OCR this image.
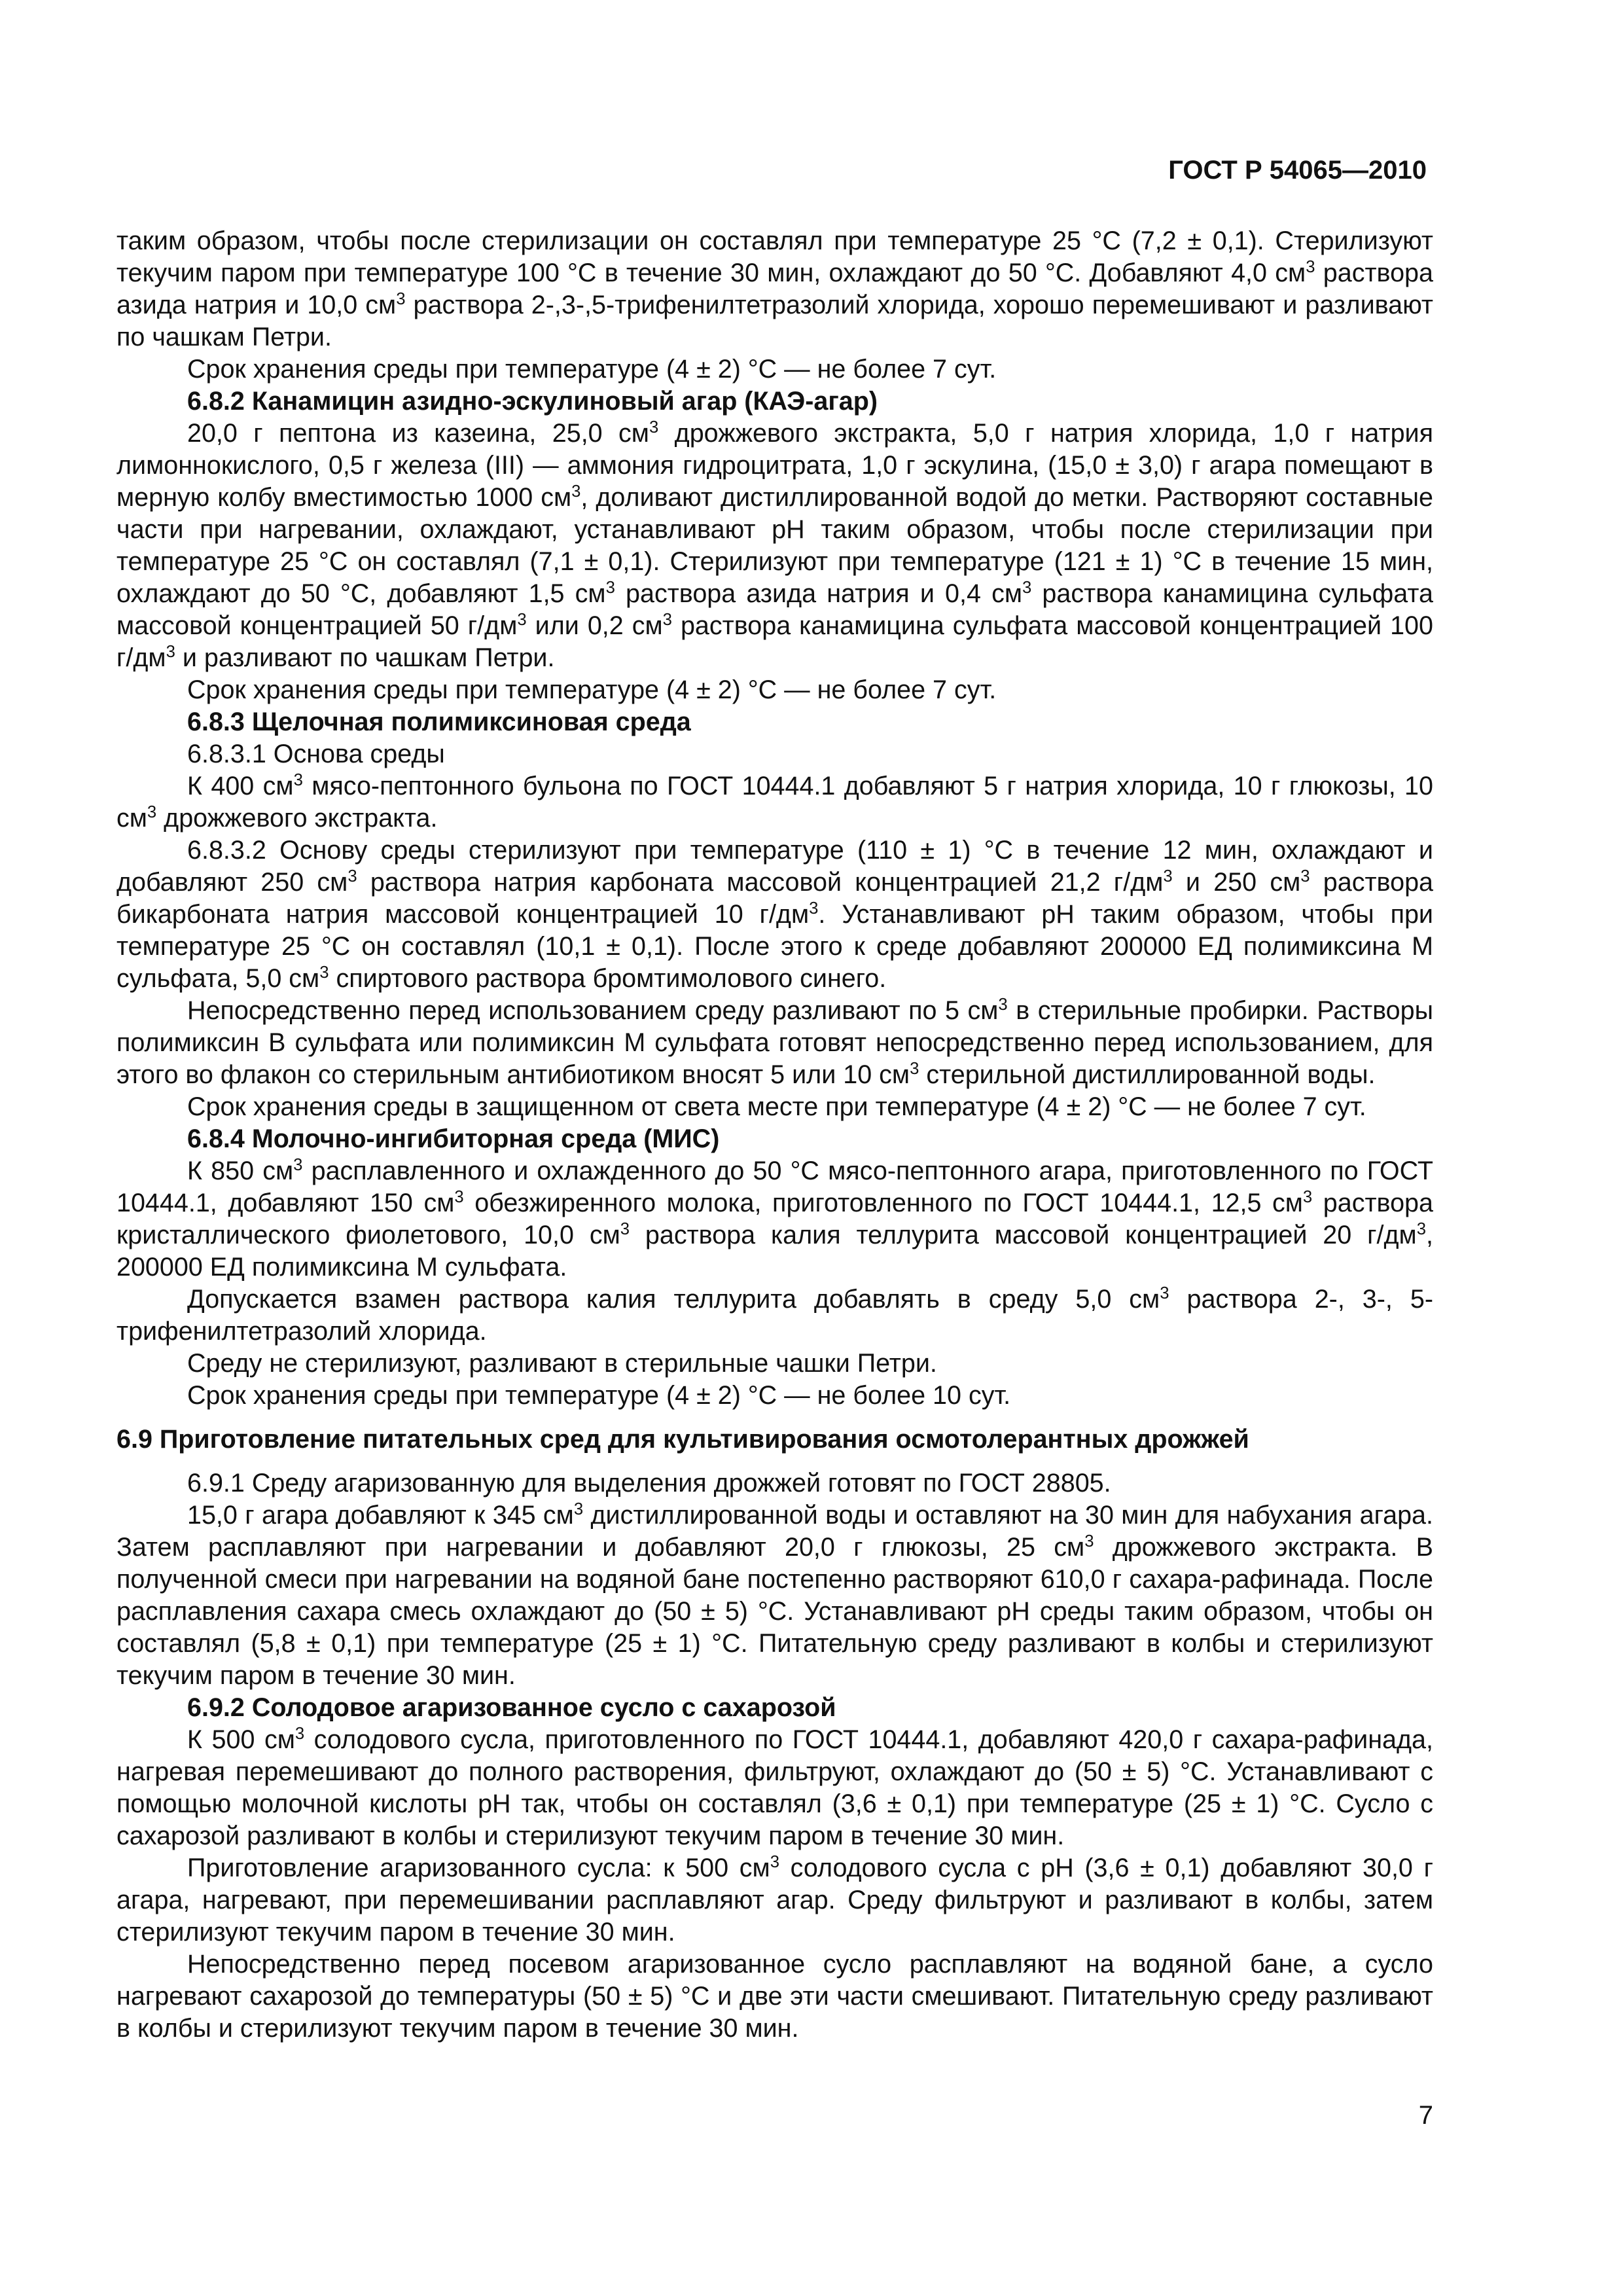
ГОСТ Р 54065—2010

таким образом, чтобы после стерилизации он составлял при температуре 25 °C (7,2 ± 0,1). Стерилизуют текучим паром при температуре 100 °C в течение 30 мин, охлаждают до 50 °C. Добавляют 4,0 $см^3$ раствора азида натрия и 10,0 $см^3$ раствора 2-,3-,5-трифенилтетразолий хлорида, хорошо перемешивают и разливают по чашкам Петри.

Срок хранения среды при температуре (4 ± 2) °C — не более 7 сут.

6.8.2 Канамицин азидно-эскулиновый агар (КАЭ-агар)

20,0 г пептона из казеина, 25,0 $см^3$ дрожжевого экстракта, 5,0 г натрия хлорида, 1,0 г натрия лимоннокислого, 0,5 г железа (III) — аммония гидроцитрата, 1,0 г эскулина, (15,0 ± 3,0) г агара помещают в мерную колбу вместимостью 1000 $см^3$, доливают дистиллированной водой до метки. Растворяют составные части при нагревании, охлаждают, устанавливают pH таким образом, чтобы после стерилизации при температуре 25 °C он составлял (7,1 ± 0,1). Стерилизуют при температуре (121 ± 1) °C в течение 15 мин, охлаждают до 50 °C, добавляют 1,5 $см^3$ раствора азида натрия и 0,4 $см^3$ раствора канамицина сульфата массовой концентрацией 50 $г/дм^3$ или 0,2 $см^3$ раствора канамицина сульфата массовой концентрацией 100 $г/дм^3$ и разливают по чашкам Петри.

Срок хранения среды при температуре (4 ± 2) °C — не более 7 сут.

6.8.3 Щелочная полимиксиновая среда

6.8.3.1 Основа среды

К 400 $см^3$ мясо-пептонного бульона по ГОСТ 10444.1 добавляют 5 г натрия хлорида, 10 г глюкозы, 10 $см^3$ дрожжевого экстракта.

6.8.3.2 Основу среды стерилизуют при температуре (110 ± 1) °C в течение 12 мин, охлаждают и добавляют 250 $см^3$ раствора натрия карбоната массовой концентрацией 21,2 $г/дм^3$ и 250 $см^3$ раствора бикарбоната натрия массовой концентрацией 10 $г/дм^3$. Устанавливают pH таким образом, чтобы при температуре 25 °C он составлял (10,1 ± 0,1). После этого к среде добавляют 200000 ЕД полимиксина М сульфата, 5,0 $см^3$ спиртового раствора бромтимолового синего.

Непосредственно перед использованием среду разливают по 5 $см^3$ в стерильные пробирки. Растворы полимиксин В сульфата или полимиксин М сульфата готовят непосредственно перед использованием, для этого во флакон со стерильным антибиотиком вносят 5 или 10 $см^3$ стерильной дистиллированной воды.

Срок хранения среды в защищенном от света месте при температуре (4 ± 2) °C — не более 7 сут.

6.8.4 Молочно-ингибиторная среда (МИС)

К 850 $см^3$ расплавленного и охлажденного до 50 °C мясо-пептонного агара, приготовленного по ГОСТ 10444.1, добавляют 150 $см^3$ обезжиренного молока, приготовленного по ГОСТ 10444.1, 12,5 $см^3$ раствора кристаллического фиолетового, 10,0 $см^3$ раствора калия теллурита массовой концентрацией 20 $г/дм^3$, 200000 ЕД полимиксина М сульфата.

Допускается взамен раствора калия теллурита добавлять в среду 5,0 $см^3$ раствора 2-, 3-, 5-трифенилтетразолий хлорида.

Среду не стерилизуют, разливают в стерильные чашки Петри.

Срок хранения среды при температуре (4 ± 2) °C — не более 10 сут.

6.9 Приготовление питательных сред для культивирования осмотолерантных дрожжей

6.9.1 Среду агаризованную для выделения дрожжей готовят по ГОСТ 28805.

15,0 г агара добавляют к 345 $см^3$ дистиллированной воды и оставляют на 30 мин для набухания агара. Затем расплавляют при нагревании и добавляют 20,0 г глюкозы, 25 $см^3$ дрожжевого экстракта. В полученной смеси при нагревании на водяной бане постепенно растворяют 610,0 г сахара-рафинада. После расплавления сахара смесь охлаждают до (50 ± 5) °C. Устанавливают pH среды таким образом, чтобы он составлял (5,8 ± 0,1) при температуре (25 ± 1) °C. Питательную среду разливают в колбы и стерилизуют текучим паром в течение 30 мин.

6.9.2 Солодовое агаризованное сусло с сахарозой

К 500 $см^3$ солодового сусла, приготовленного по ГОСТ 10444.1, добавляют 420,0 г сахара-рафинада, нагревая перемешивают до полного растворения, фильтруют, охлаждают до (50 ± 5) °C. Устанавливают с помощью молочной кислоты pH так, чтобы он составлял (3,6 ± 0,1) при температуре (25 ± 1) °C. Сусло с сахарозой разливают в колбы и стерилизуют текучим паром в течение 30 мин.

Приготовление агаризованного сусла: к 500 $см^3$ солодового сусла с pH (3,6 ± 0,1) добавляют 30,0 г агара, нагревают, при перемешивании расплавляют агар. Среду фильтруют и разливают в колбы, затем стерилизуют текучим паром в течение 30 мин.

Непосредственно перед посевом агаризованное сусло расплавляют на водяной бане, а сусло нагревают сахарозой до температуры (50 ± 5) °C и две эти части смешивают. Питательную среду разливают в колбы и стерилизуют текучим паром в течение 30 мин.

7
